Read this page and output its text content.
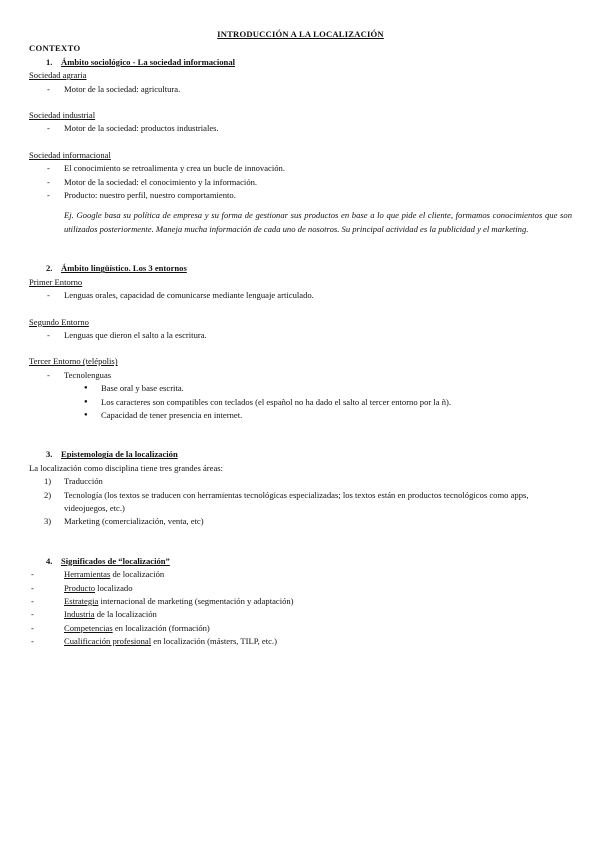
INTRODUCCIÓN A LA LOCALIZACIÓN

CONTEXTO

1. Ámbito sociológico - La sociedad informacional

Sociedad agraria

- Motor de la sociedad: agricultura.

Sociedad industrial

- Motor de la sociedad: productos industriales.

Sociedad informacional

- El conocimiento se retroalimenta y crea un bucle de innovación.
- Motor de la sociedad: el conocimiento y la información.
- Producto: nuestro perfil, nuestro comportamiento.

Ej. Google basa su política de empresa y su forma de gestionar sus productos en base a lo que pide el cliente, formamos conocimientos que son utilizados posteriormente. Maneja mucha información de cada uno de nosotros. Su principal actividad es la publicidad y el marketing.

2. Ámbito lingüístico. Los 3 entornos

Primer Entorno

- Lenguas orales, capacidad de comunicarse mediante lenguaje articulado.

Segundo Entorno

- Lenguas que dieron el salto a la escritura.

Tercer Entorno (telépolis)

- Tecnolenguas
● Base oral y base escrita.
● Los caracteres son compatibles con teclados (el español no ha dado el salto al tercer entorno por la ñ).
● Capacidad de tener presencia en internet.

3. Epistemología de la localización

La localización como disciplina tiene tres grandes áreas:

1) Traducción
2) Tecnología (los textos se traducen con herramientas tecnológicas especializadas; los textos están en productos tecnológicos como apps, videojuegos, etc.)
3) Marketing (comercialización, venta, etc)

4. Significados de “localización”

- Herramientas de localización
- Producto localizado
- Estrategia internacional de marketing (segmentación y adaptación)
- Industria de la localización
- Competencias en localización (formación)
- Cualificación profesional en localización (másters, TILP, etc.)
